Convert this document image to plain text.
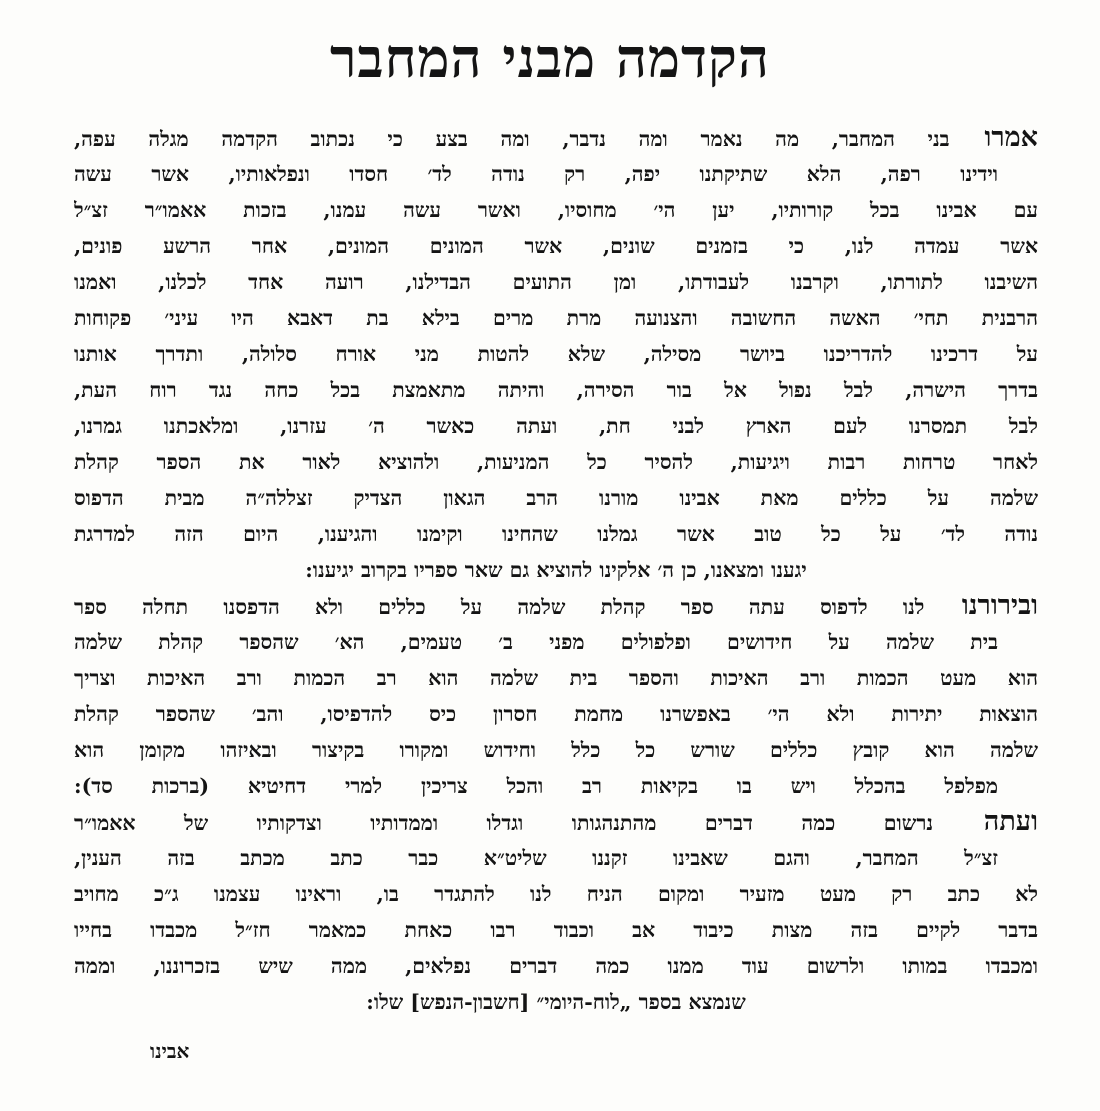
הקדמה מבני המחבר
אמרו בני המחבר, מה נאמר ומה נדבר, ומה בצע כי נכתוב הקדמה מגלה עפה,
וידינו רפה, הלא שתיקתנו יפה, רק נודה לד׳ חסדו ונפלאותיו, אשר עשה
עם אבינו בכל קורותיו, יען הי׳ מחוסיו, ואשר עשה עמנו, בזכות אאמו״ר זצ״ל
אשר עמדה לנו, כי בזמנים שונים, אשר המונים המונים, אחר הרשע פונים,
השיבנו לתורתו, וקרבנו לעבודתו, ומן התועים הבדילנו, רועה אחד לכלנו, ואמנו
הרבנית תחי׳ האשה החשובה והצנועה מרת מרים בילא בת דאבא היו עיני׳ פקוחות
על דרכינו להדריכנו ביושר מסילה, שלא להטות מני אורח סלולה, ותדרך אותנו
בדרך הישרה, לבל נפול אל בור הסירה, והיתה מתאמצת בכל כחה נגד רוח העת,
לבל תמסרנו לעם הארץ לבני חת, ועתה כאשר ה׳ עזרנו, ומלאכתנו גמרנו,
לאחר טרחות רבות ויגיעות, להסיר כל המניעות, ולהוציא לאור את הספר קהלת
שלמה על כללים מאת אבינו מורנו הרב הגאון הצדיק זצללה״ה מבית הדפוס
נודה לד׳ על כל טוב אשר גמלנו שהחינו וקימנו והגיענו, היום הזה למדרגת
יגענו ומצאנו, כן ה׳ אלקינו להוציא גם שאר ספריו בקרוב יגיענו:
ובירורנו לנו לדפוס עתה ספר קהלת שלמה על כללים ולא הדפסנו תחלה ספר
בית שלמה על חידושים ופלפולים מפני ב׳ טעמים, הא׳ שהספר קהלת שלמה
הוא מעט הכמות ורב האיכות והספר בית שלמה הוא רב הכמות ורב האיכות וצריך
הוצאות יתירות ולא הי׳ באפשרנו מחמת חסרון כיס להדפיסו, והב׳ שהספר קהלת
שלמה הוא קובץ כללים שורש כל כלל וחידוש ומקורו בקיצור ובאיזהו מקומן הוא
מפלפל בהכלל ויש בו בקיאות רב והכל צריכין למרי דחיטיא (ברכות סד):
ועתה נרשום כמה דברים מהתנהגותו וגדלו וממדותיו וצדקותיו של אאמו״ר
זצ״ל המחבר, והגם שאבינו זקננו שליט״א כבר כתב מכתב בזה הענין,
לא כתב רק מעט מזעיר ומקום הניח לנו להתגדר בו, וראינו עצמנו ג״כ מחויב
בדבר לקיים בזה מצות כיבוד אב וכבוד רבו כאחת כמאמר חז״ל מכבדו בחייו
ומכבדו במותו ולרשום עוד ממנו כמה דברים נפלאים, ממה שיש בזכרוננו, וממה
שנמצא בספר „לוח-היומי״ [חשבון-הנפש] שלו:
אבינו
